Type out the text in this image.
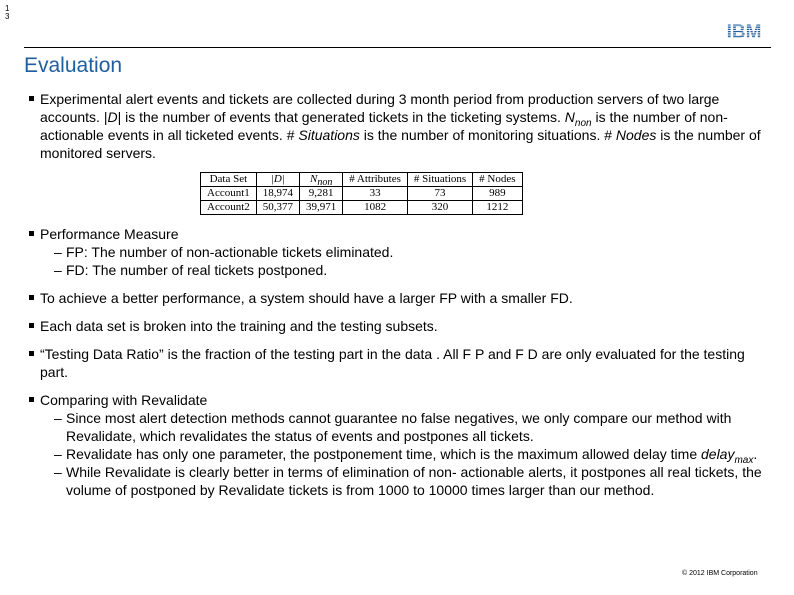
1
3
IBM
Evaluation
Experimental alert events and tickets are collected during 3 month period from production servers of two large accounts. |D| is the number of events that generated tickets in the ticketing systems. $N_{non}$ is the number of non- actionable events in all ticketed events. # Situations is the number of monitoring situations. # Nodes is the number of monitored servers.
Data Set	|D|	$N_{non}$	# Attributes	# Situations	# Nodes
Account1	18,974	9,281	33	73	989
Account2	50,377	39,971	1082	320	1212
Performance Measure
– FP: The number of non-actionable tickets eliminated.
– FD: The number of real tickets postponed.
To achieve a better performance, a system should have a larger FP with a smaller FD.
Each data set is broken into the training and the testing subsets.
“Testing Data Ratio” is the fraction of the testing part in the data . All F P and F D are only evaluated for the testing part.
Comparing with Revalidate
– Since most alert detection methods cannot guarantee no false negatives, we only compare our method with Revalidate, which revalidates the status of events and postpones all tickets.
– Revalidate has only one parameter, the postponement time, which is the maximum allowed delay time delay$_{max}$.
– While Revalidate is clearly better in terms of elimination of non- actionable alerts, it postpones all real tickets, the volume of postponed by Revalidate tickets is from 1000 to 10000 times larger than our method.
© 2012 IBM Corporation
